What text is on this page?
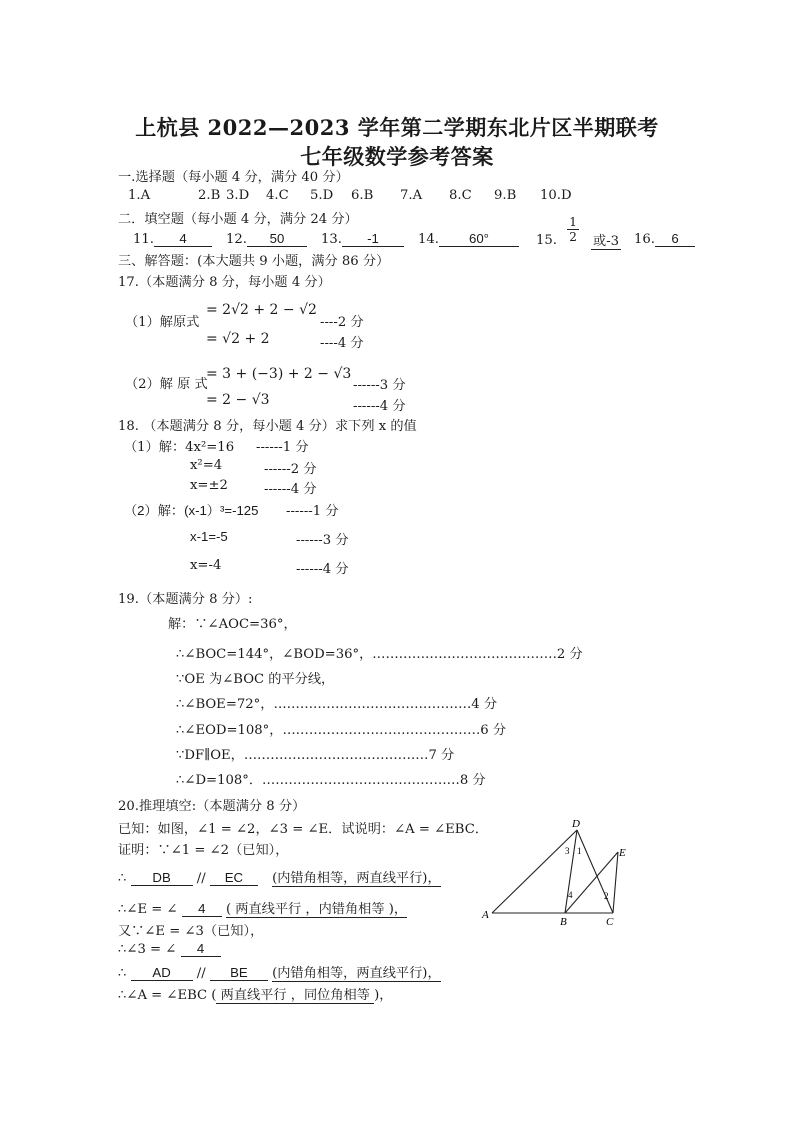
上杭县 2022—2023 学年第二学期东北片区半期联考
七年级数学参考答案
一.选择题（每小题 4 分，满分 40 分）
1.A	2.B 3.D 4.C 5.D 6.B 7.A 8.C 9.B 10.D
二．填空题（每小题 4 分，满分 24 分）
11. 4	12. 50	13. -1	14. 60°	15. $\frac{1}{2}$ 或-3 16. 6
三、解答题：(本大题共 9 小题，满分 86 分）
17.（本题满分 8 分，每小题 4 分）
（1）解原式
= 2√2 + 2 − √2
----2 分
= √2 + 2	----4 分
（2）解 原 式
= 3 + (−3) + 2 − √3
------3 分
= 2 − √3	------4 分
18. （本题满分 8 分，每小题 4 分）求下列 x 的值
（1）解：4x²=16 ------1 分
x²=4	------2 分
x=±2	------4 分
（2）解：(x-1）³=-125 ------1 分
x-1=-5	------3 分
x=-4	------4 分
19.（本题满分 8 分）:
解：∵∠AOC=36°，
∴∠BOC=144°，∠BOD=36°，……………………………………2 分
∵OE 为∠BOC 的平分线，
∴∠BOE=72°，………………………………………4 分
∴∠EOD=108°，………………………………………6 分
∵DF∥OE，……………………………………7 分
∴∠D=108°．………………………………………8 分
20.推理填空:（本题满分 8 分）
已知：如图，∠1 = ∠2，∠3 = ∠E．试说明：∠A = ∠EBC．
证明：∵∠1 = ∠2（已知），
∴ DB // EC (内错角相等，两直线平行)，
∴∠E = ∠ 4 ( 两直线平行 ，内错角相等 )，
又∵∠E = ∠3（已知），
∴∠3 = ∠ 4
∴ AD // BE (内错角相等，两直线平行)，
∴∠A = ∠EBC ( 两直线平行 ，同位角相等 )，
A
B	C
D
E
1
2
3
4
